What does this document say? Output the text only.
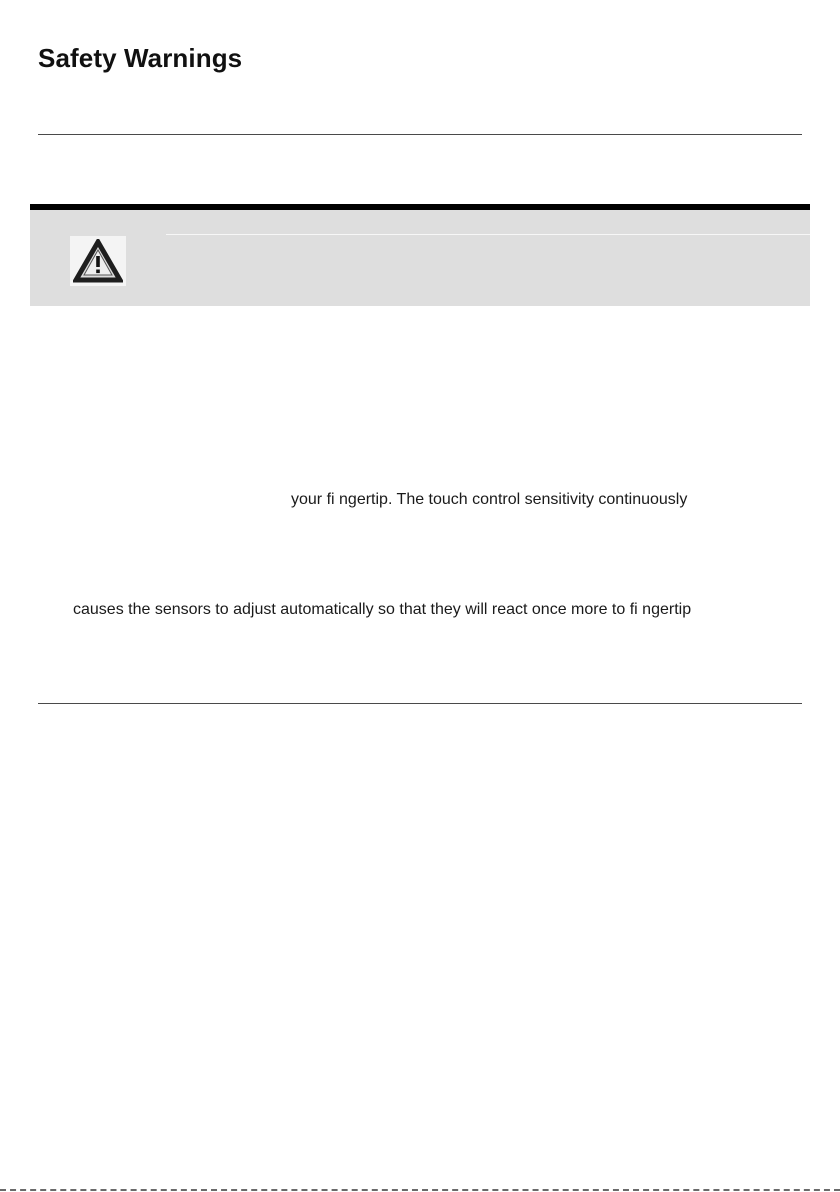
Safety Warnings

your fi ngertip. The touch control sensitivity continuously

causes the sensors to adjust automatically so that they will react once more to fi ngertip
